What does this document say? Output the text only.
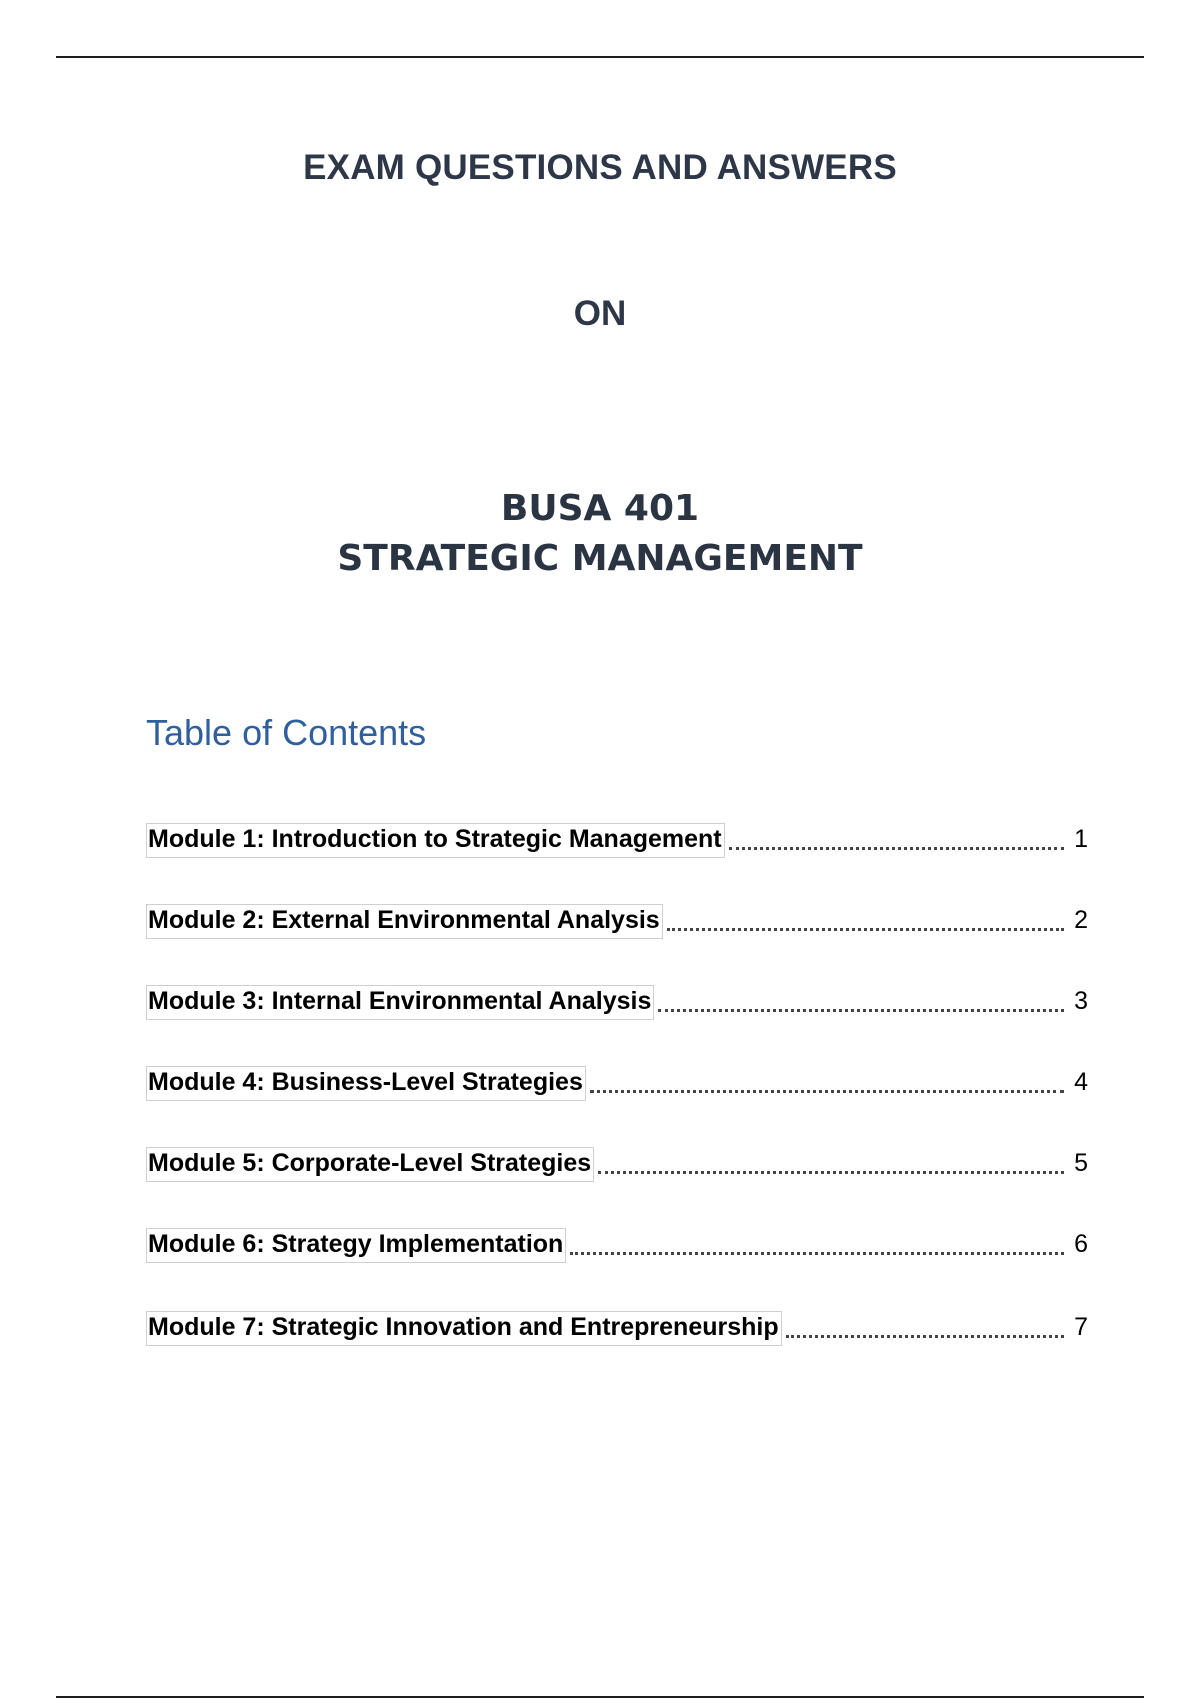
EXAM QUESTIONS AND ANSWERS
ON
BUSA 401
STRATEGIC MANAGEMENT
Table of Contents
Module 1: Introduction to Strategic Management	1
Module 2: External Environmental Analysis	2
Module 3: Internal Environmental Analysis	3
Module 4: Business-Level Strategies	4
Module 5: Corporate-Level Strategies	5
Module 6: Strategy Implementation	6
Module 7: Strategic Innovation and Entrepreneurship	7
